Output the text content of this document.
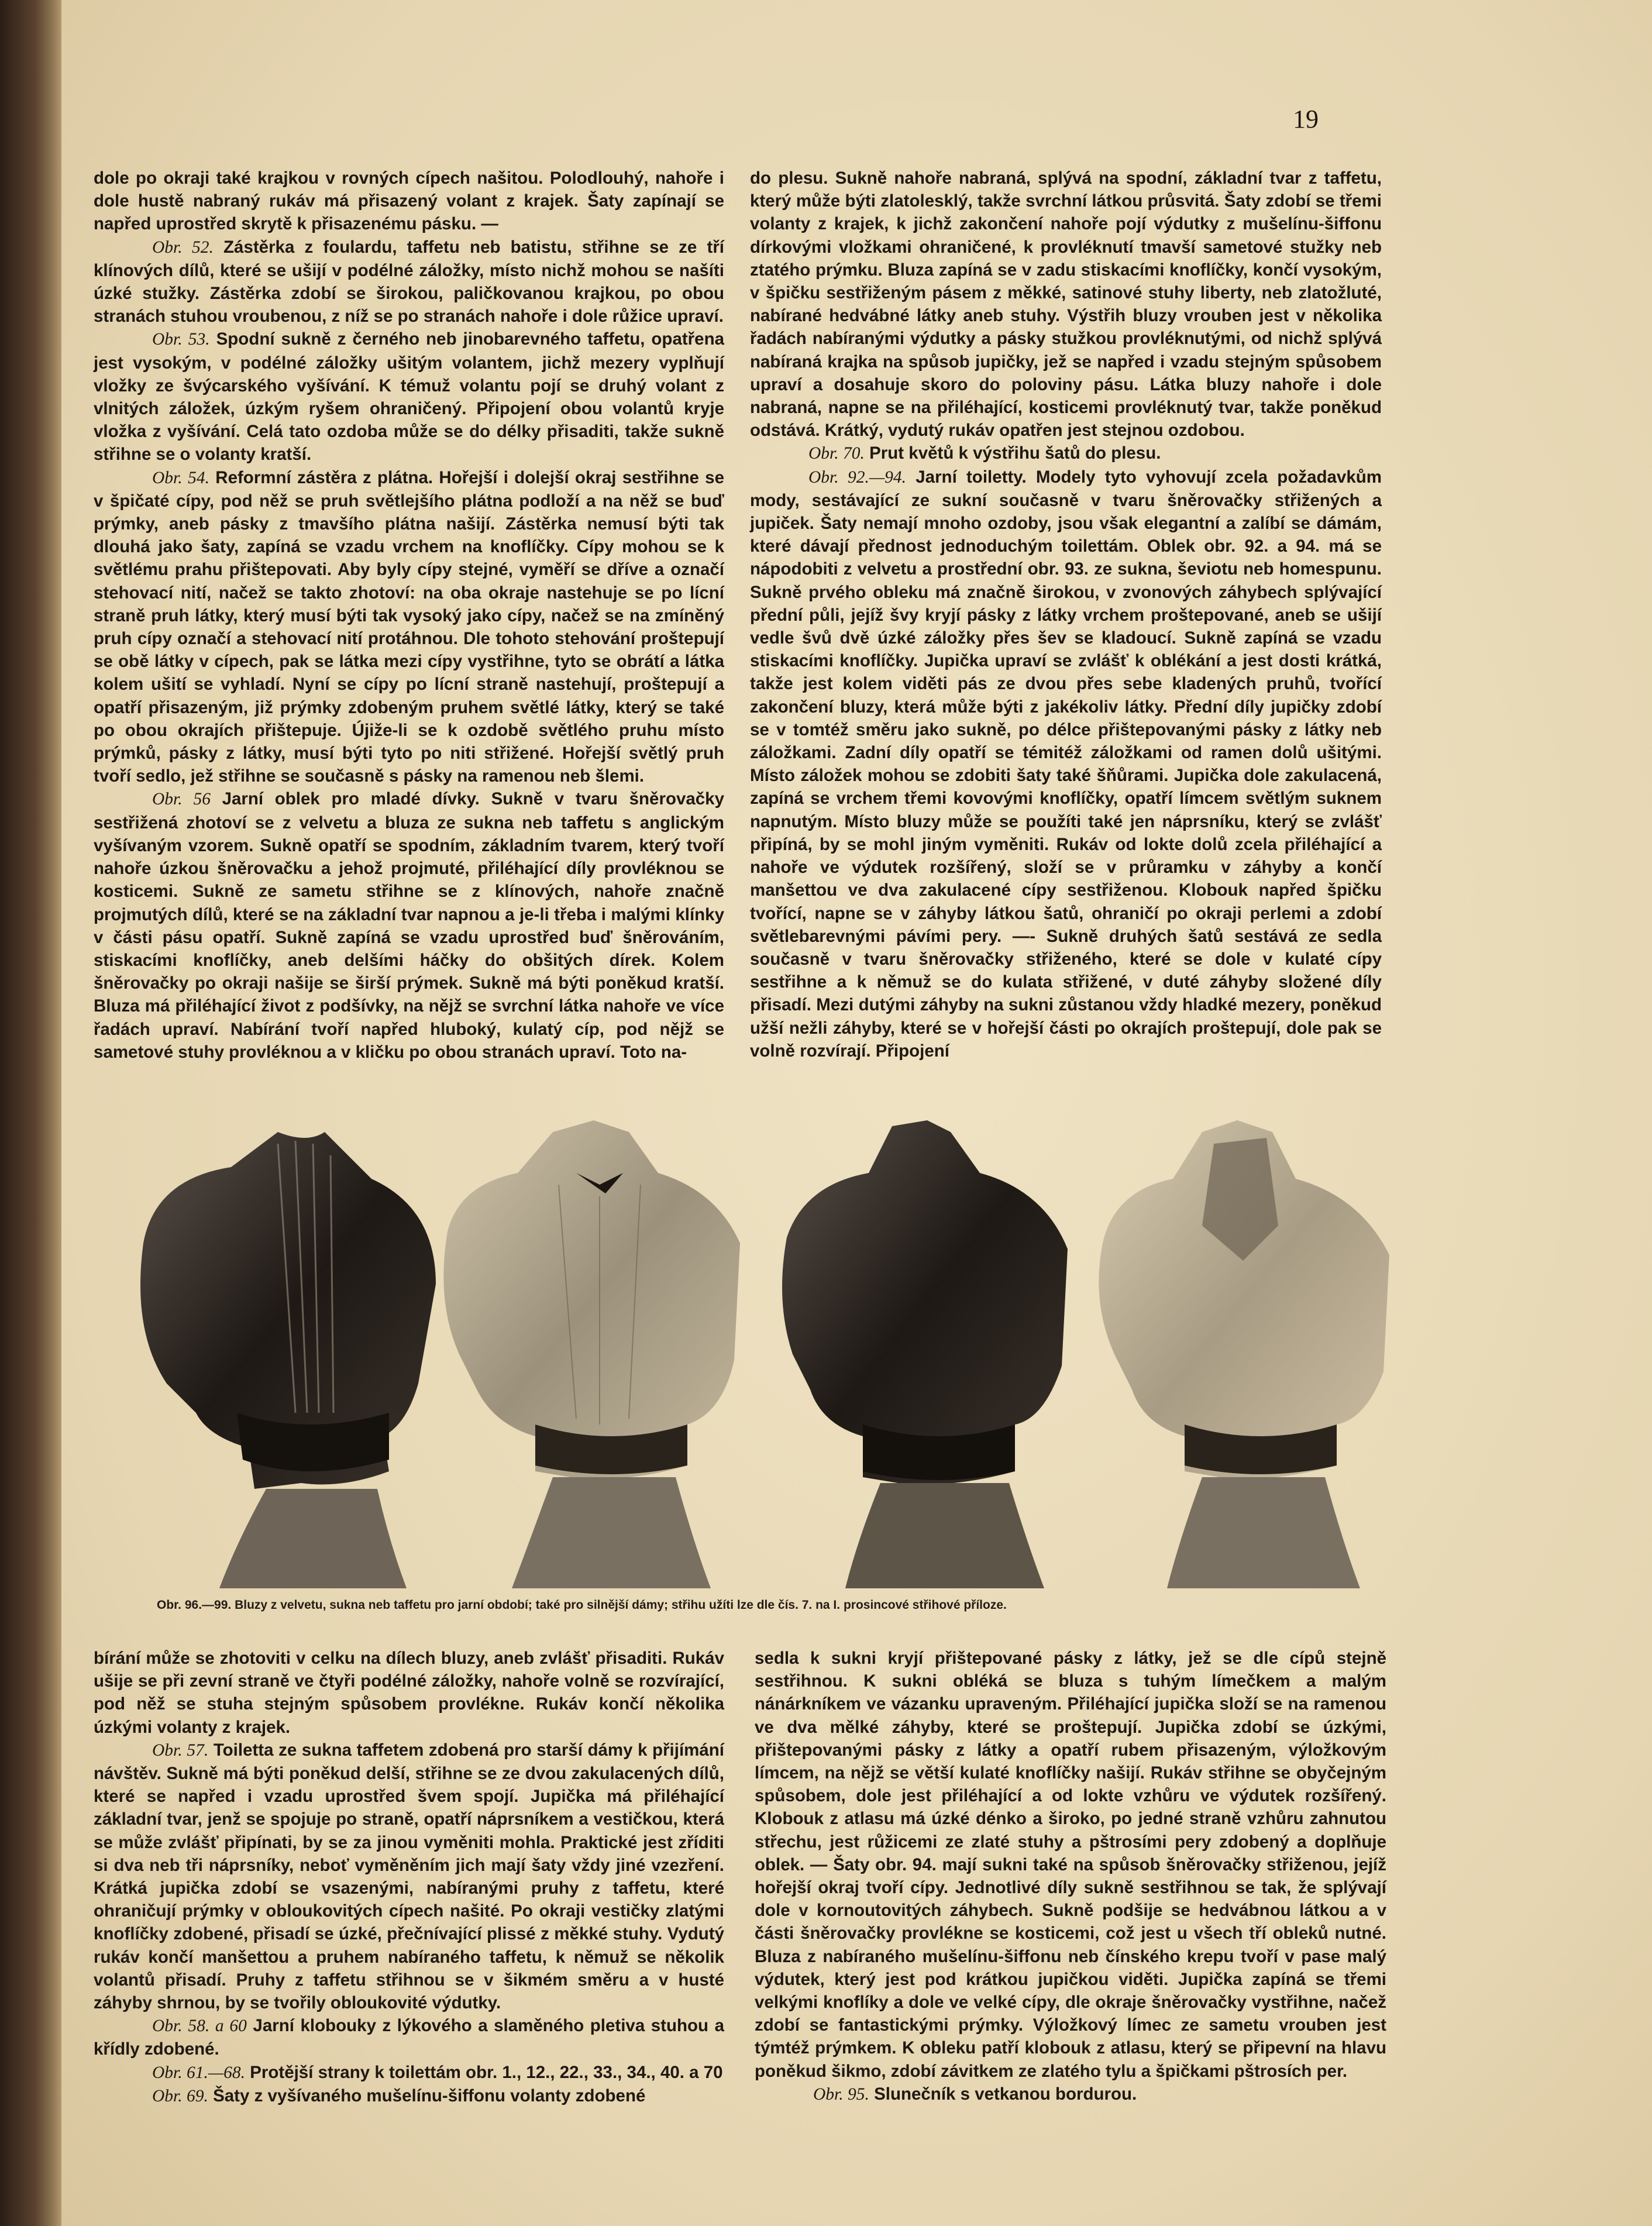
19

dole po okraji také krajkou v rovných cípech našitou. Polodlouhý, nahoře i dole hustě nabraný rukáv má přisazený volant z krajek. Šaty zapínají se napřed uprostřed skrytě k přisazenému pásku. —

Obr. 52. Zástěrka z foulardu, taffetu neb batistu, střihne se ze tří klínových dílů, které se ušijí v podélné záložky, místo nichž mohou se našíti úzké stužky. Zástěrka zdobí se širokou, paličkovanou krajkou, po obou stranách stuhou vroubenou, z níž se po stranách nahoře i dole růžice upraví.

Obr. 53. Spodní sukně z černého neb jinobarevného taffetu, opatřena jest vysokým, v podélné záložky ušitým volantem, jichž mezery vyplňují vložky ze švýcarského vyšívání. K témuž volantu pojí se druhý volant z vlnitých záložek, úzkým ryšem ohraničený. Připojení obou volantů kryje vložka z vyšívání. Celá tato ozdoba může se do délky přisaditi, takže sukně střihne se o volanty kratší.

Obr. 54. Reformní zástěra z plátna. Hořejší i dolejší okraj sestřihne se v špičaté cípy, pod něž se pruh světlejšího plátna podloží a na něž se buď prýmky, aneb pásky z tmavšího plátna našijí. Zástěrka nemusí býti tak dlouhá jako šaty, zapíná se vzadu vrchem na knoflíčky. Cípy mohou se k světlému prahu přištepovati. Aby byly cípy stejné, vyměří se dříve a označí stehovací nití, načež se takto zhotoví: na oba okraje nastehuje se po lícní straně pruh látky, který musí býti tak vysoký jako cípy, načež se na zmíněný pruh cípy označí a stehovací nití protáhnou. Dle tohoto stehování proštepují se obě látky v cípech, pak se látka mezi cípy vystřihne, tyto se obrátí a látka kolem ušití se vyhladí. Nyní se cípy po lícní straně nastehují, proštepují a opatří přisazeným, již prýmky zdobeným pruhem světlé látky, který se také po obou okrajích přištepuje. Újiže-li se k ozdobě světlého pruhu místo prýmků, pásky z látky, musí býti tyto po niti střižené. Hořejší světlý pruh tvoří sedlo, jež střihne se současně s pásky na ramenou neb šlemi.

Obr. 56 Jarní oblek pro mladé dívky. Sukně v tvaru šněrovačky sestřižená zhotoví se z velvetu a bluza ze sukna neb taffetu s anglickým vyšívaným vzorem. Sukně opatří se spodním, základním tvarem, který tvoří nahoře úzkou šněrovačku a jehož projmuté, přiléhající díly provléknou se kosticemi. Sukně ze sametu střihne se z klínových, nahoře značně projmutých dílů, které se na základní tvar napnou a je-li třeba i malými klínky v části pásu opatří. Sukně zapíná se vzadu uprostřed buď šněrováním, stiskacími knoflíčky, aneb delšími háčky do obšitých dírek. Kolem šněrovačky po okraji našije se širší prýmek. Sukně má býti poněkud kratší. Bluza má přiléhající život z podšívky, na nějž se svrchní látka nahoře ve více řadách upraví. Nabírání tvoří napřed hluboký, kulatý cíp, pod nějž se sametové stuhy provléknou a v kličku po obou stranách upraví. Toto na-

do plesu. Sukně nahoře nabraná, splývá na spodní, základní tvar z taffetu, který může býti zlatolesklý, takže svrchní látkou průsvitá. Šaty zdobí se třemi volanty z krajek, k jichž zakončení nahoře pojí výdutky z mušelínu-šiffonu dírkovými vložkami ohraničené, k provléknutí tmavší sametové stužky neb ztatého prýmku. Bluza zapíná se v zadu stiskacími knoflíčky, končí vysokým, v špičku sestřiženým pásem z měkké, satinové stuhy liberty, neb zlatožluté, nabírané hedvábné látky aneb stuhy. Výstřih bluzy vrouben jest v několika řadách nabíranými výdutky a pásky stužkou provléknutými, od nichž splývá nabíraná krajka na spůsob jupičky, jež se napřed i vzadu stejným spůsobem upraví a dosahuje skoro do poloviny pásu. Látka bluzy nahoře i dole nabraná, napne se na přiléhající, kosticemi provléknutý tvar, takže poněkud odstává. Krátký, vydutý rukáv opatřen jest stejnou ozdobou.

Obr. 70. Prut květů k výstřihu šatů do plesu.

Obr. 92.—94. Jarní toiletty. Modely tyto vyhovují zcela požadavkům mody, sestávající ze sukní současně v tvaru šněrovačky střižených a jupiček. Šaty nemají mnoho ozdoby, jsou však elegantní a zalíbí se dámám, které dávají přednost jednoduchým toilettám. Oblek obr. 92. a 94. má se nápodobiti z velvetu a prostřední obr. 93. ze sukna, ševiotu neb homespunu. Sukně prvého obleku má značně širokou, v zvonových záhybech splývající přední půli, jejíž švy kryjí pásky z látky vrchem proštepované, aneb se ušijí vedle švů dvě úzké záložky přes šev se kladoucí. Sukně zapíná se vzadu stiskacími knoflíčky. Jupička upraví se zvlášť k oblékání a jest dosti krátká, takže jest kolem viděti pás ze dvou přes sebe kladených pruhů, tvořící zakončení bluzy, která může býti z jakékoliv látky. Přední díly jupičky zdobí se v tomtéž směru jako sukně, po délce přištepovanými pásky z látky neb záložkami. Zadní díly opatří se témitéž záložkami od ramen dolů ušitými. Místo záložek mohou se zdobiti šaty také šňůrami. Jupička dole zakulacená, zapíná se vrchem třemi kovovými knoflíčky, opatří límcem světlým suknem napnutým. Místo bluzy může se použíti také jen náprsníku, který se zvlášť připíná, by se mohl jiným vyměniti. Rukáv od lokte dolů zcela přiléhající a nahoře ve výdutek rozšířený, složí se v průramku v záhyby a končí manšettou ve dva zakulacené cípy sestřiženou. Klobouk napřed špičku tvořící, napne se v záhyby látkou šatů, ohraničí po okraji perlemi a zdobí světlebarevnými pávími pery. —- Sukně druhých šatů sestává ze sedla současně v tvaru šněrovačky střiženého, které se dole v kulaté cípy sestřihne a k němuž se do kulata střižené, v duté záhyby složené díly přisadí. Mezi dutými záhyby na sukni zůstanou vždy hladké mezery, poněkud užší nežli záhyby, které se v hořejší části po okrajích proštepují, dole pak se volně rozvírají. Připojení

Obr. 96.—99. Bluzy z velvetu, sukna neb taffetu pro jarní období; také pro silnější dámy; střihu užíti lze dle čís. 7. na I. prosincové střihové příloze.

bírání může se zhotoviti v celku na dílech bluzy, aneb zvlášť přisaditi. Rukáv ušije se při zevní straně ve čtyři podélné záložky, nahoře volně se rozvírající, pod něž se stuha stejným spůsobem provlékne. Rukáv končí několika úzkými volanty z krajek.

Obr. 57. Toiletta ze sukna taffetem zdobená pro starší dámy k přijímání návštěv. Sukně má býti poněkud delší, střihne se ze dvou zakulacených dílů, které se napřed i vzadu uprostřed švem spojí. Jupička má přiléhající základní tvar, jenž se spojuje po straně, opatří náprsníkem a vestičkou, která se může zvlášť připínati, by se za jinou vyměniti mohla. Praktické jest zříditi si dva neb tři náprsníky, neboť vyměněním jich mají šaty vždy jiné vzezření. Krátká jupička zdobí se vsazenými, nabíranými pruhy z taffetu, které ohraničují prýmky v obloukovitých cípech našité. Po okraji vestičky zlatými knoflíčky zdobené, přisadí se úzké, přečnívající plissé z měkké stuhy. Vydutý rukáv končí manšettou a pruhem nabíraného taffetu, k němuž se několik volantů přisadí. Pruhy z taffetu střihnou se v šikmém směru a v husté záhyby shrnou, by se tvořily obloukovité výdutky.

Obr. 58. a 60 Jarní klobouky z lýkového a slaměného pletiva stuhou a křídly zdobené.

Obr. 61.—68. Protější strany k toilettám obr. 1., 12., 22., 33., 34., 40. a 70

Obr. 69. Šaty z vyšívaného mušelínu-šiffonu volanty zdobené

sedla k sukni kryjí přištepované pásky z látky, jež se dle cípů stejně sestřihnou. K sukni obléká se bluza s tuhým límečkem a malým nánárkníkem ve vázanku upraveným. Přiléhající jupička složí se na ramenou ve dva mělké záhyby, které se proštepují. Jupička zdobí se úzkými, přištepovanými pásky z látky a opatří rubem přisazeným, výložkovým límcem, na nějž se větší kulaté knoflíčky našijí. Rukáv střihne se obyčejným spůsobem, dole jest přiléhající a od lokte vzhůru ve výdutek rozšířený. Klobouk z atlasu má úzké dénko a široko, po jedné straně vzhůru zahnutou střechu, jest růžicemi ze zlaté stuhy a pštrosími pery zdobený a doplňuje oblek. — Šaty obr. 94. mají sukni také na spůsob šněrovačky střiženou, jejíž hořejší okraj tvoří cípy. Jednotlivé díly sukně sestřihnou se tak, že splývají dole v kornoutovitých záhybech. Sukně podšije se hedvábnou látkou a v části šněrovačky provlékne se kosticemi, což jest u všech tří obleků nutné. Bluza z nabíraného mušelínu-šiffonu neb čínského krepu tvoří v pase malý výdutek, který jest pod krátkou jupičkou viděti. Jupička zapíná se třemi velkými knoflíky a dole ve velké cípy, dle okraje šněrovačky vystřihne, načež zdobí se fantastickými prýmky. Výložkový límec ze sametu vrouben jest týmtéž prýmkem. K obleku patří klobouk z atlasu, který se připevní na hlavu poněkud šikmo, zdobí závitkem ze zlatého tylu a špičkami pštrosích per.

Obr. 95. Slunečník s vetkanou bordurou.
